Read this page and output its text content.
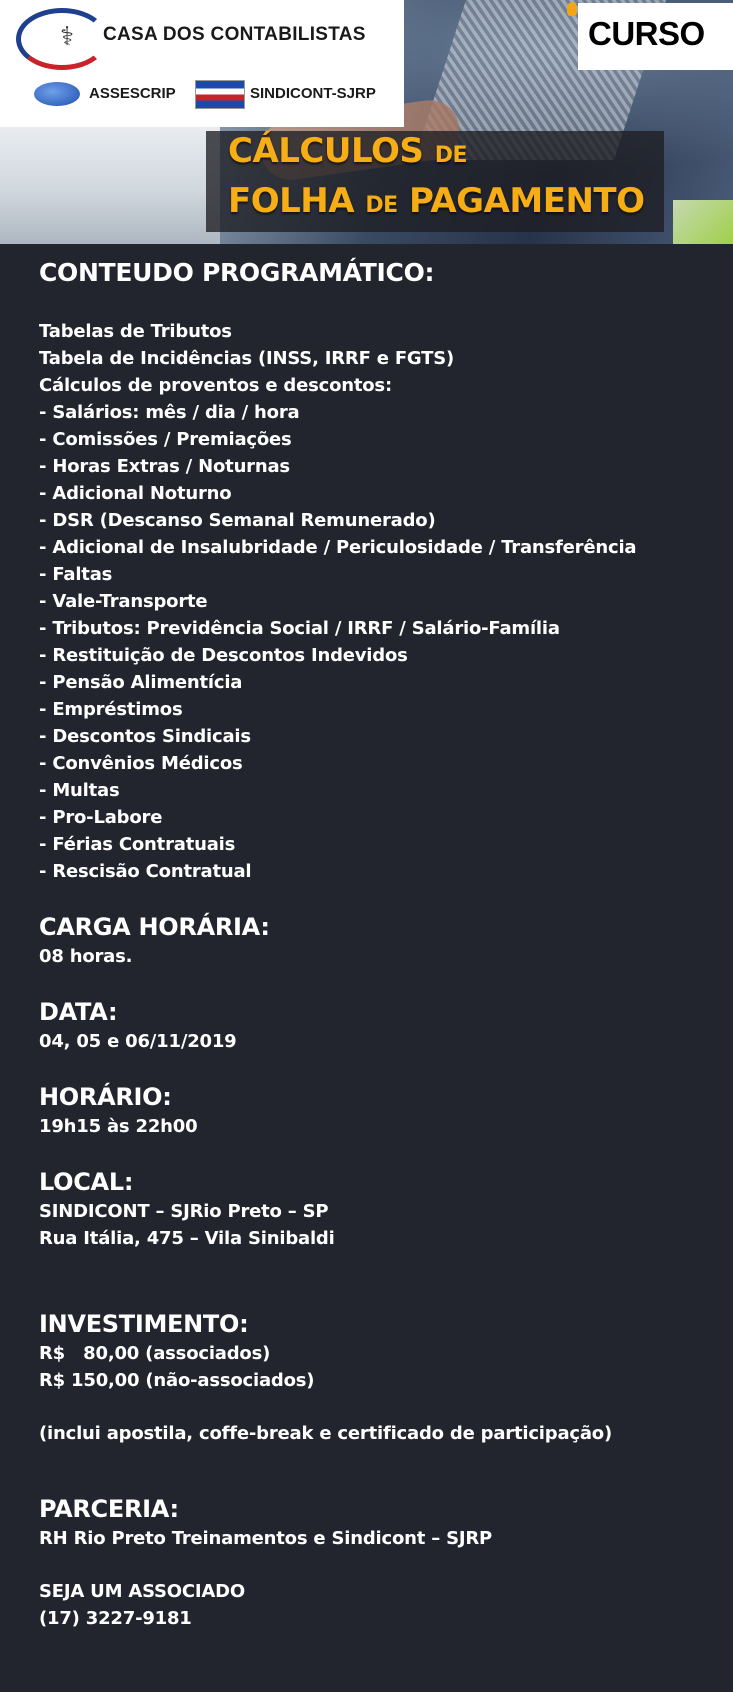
⚕ CASA DOS CONTABILISTAS
ASSESCRIP	SINDICONT-SJRP
CURSO
CÁLCULOS DE
FOLHA DE PAGAMENTO
CONTEUDO PROGRAMÁTICO:
Tabelas de Tributos
Tabela de Incidências (INSS, IRRF e FGTS)
Cálculos de proventos e descontos:
- Salários: mês / dia / hora
- Comissões / Premiações
- Horas Extras / Noturnas
- Adicional Noturno
- DSR (Descanso Semanal Remunerado)
- Adicional de Insalubridade / Periculosidade / Transferência
- Faltas
- Vale-Transporte
- Tributos: Previdência Social / IRRF / Salário-Família
- Restituição de Descontos Indevidos
- Pensão Alimentícia
- Empréstimos
- Descontos Sindicais
- Convênios Médicos
- Multas
- Pro-Labore
- Férias Contratuais
- Rescisão Contratual
CARGA HORÁRIA:
08 horas.
DATA:
04, 05 e 06/11/2019
HORÁRIO:
19h15 às 22h00
LOCAL:
SINDICONT – SJRio Preto – SP
Rua Itália, 475 – Vila Sinibaldi
INVESTIMENTO:
R$   80,00 (associados)
R$ 150,00 (não-associados)
(inclui apostila, coffe-break e certificado de participação)
PARCERIA:
RH Rio Preto Treinamentos e Sindicont – SJRP
SEJA UM ASSOCIADO
(17) 3227-9181
